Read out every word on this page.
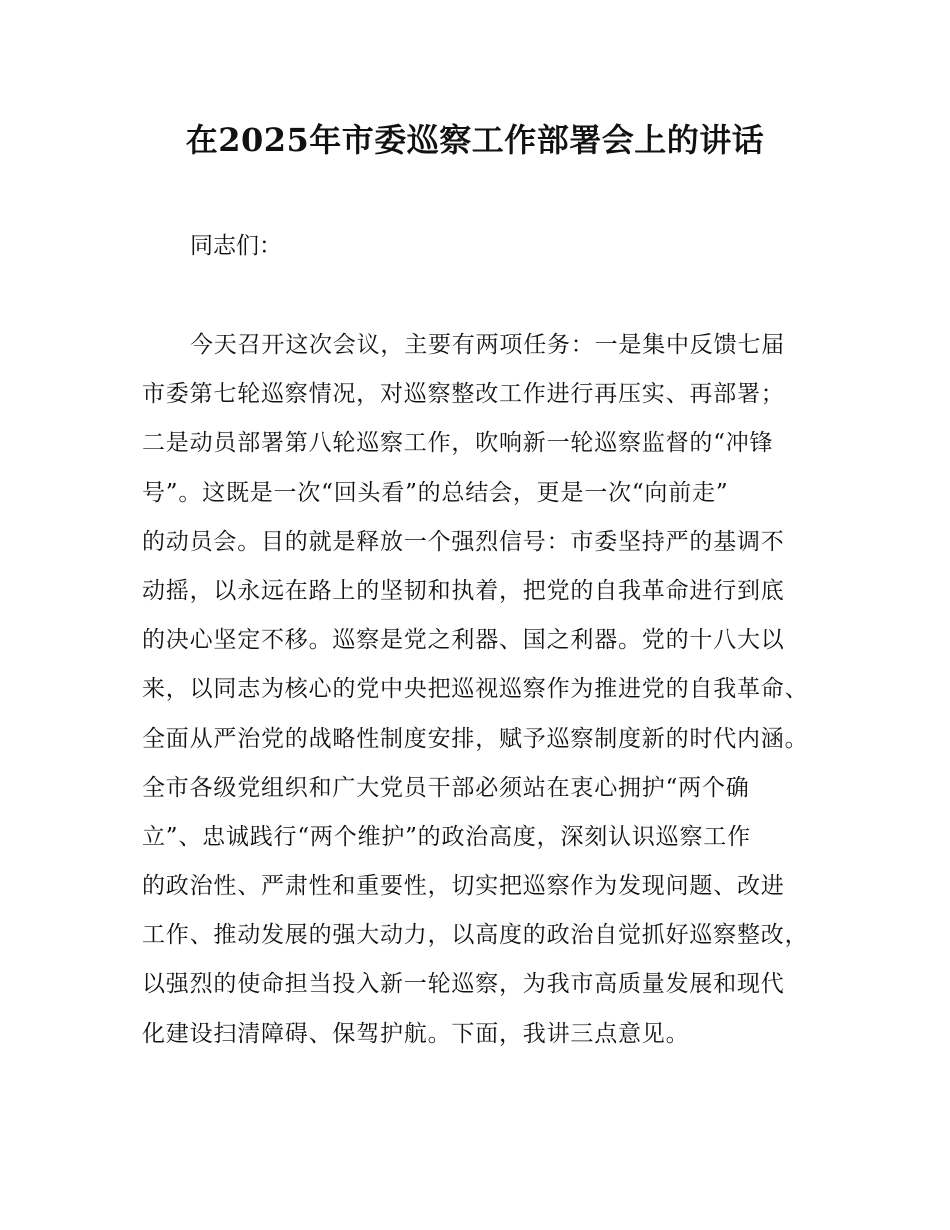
在2025年市委巡察工作部署会上的讲话
同志们：
今天召开这次会议，主要有两项任务：一是集中反馈七届
市委第七轮巡察情况，对巡察整改工作进行再压实、再部署；
二是动员部署第八轮巡察工作，吹响新一轮巡察监督的“冲锋
号”。这既是一次“回头看”的总结会，更是一次“向前走”
的动员会。目的就是释放一个强烈信号：市委坚持严的基调不
动摇，以永远在路上的坚韧和执着，把党的自我革命进行到底
的决心坚定不移。巡察是党之利器、国之利器。党的十八大以
来，以同志为核心的党中央把巡视巡察作为推进党的自我革命、
全面从严治党的战略性制度安排，赋予巡察制度新的时代内涵。
全市各级党组织和广大党员干部必须站在衷心拥护“两个确
立”、忠诚践行“两个维护”的政治高度，深刻认识巡察工作
的政治性、严肃性和重要性，切实把巡察作为发现问题、改进
工作、推动发展的强大动力，以高度的政治自觉抓好巡察整改，
以强烈的使命担当投入新一轮巡察，为我市高质量发展和现代
化建设扫清障碍、保驾护航。下面，我讲三点意见。
